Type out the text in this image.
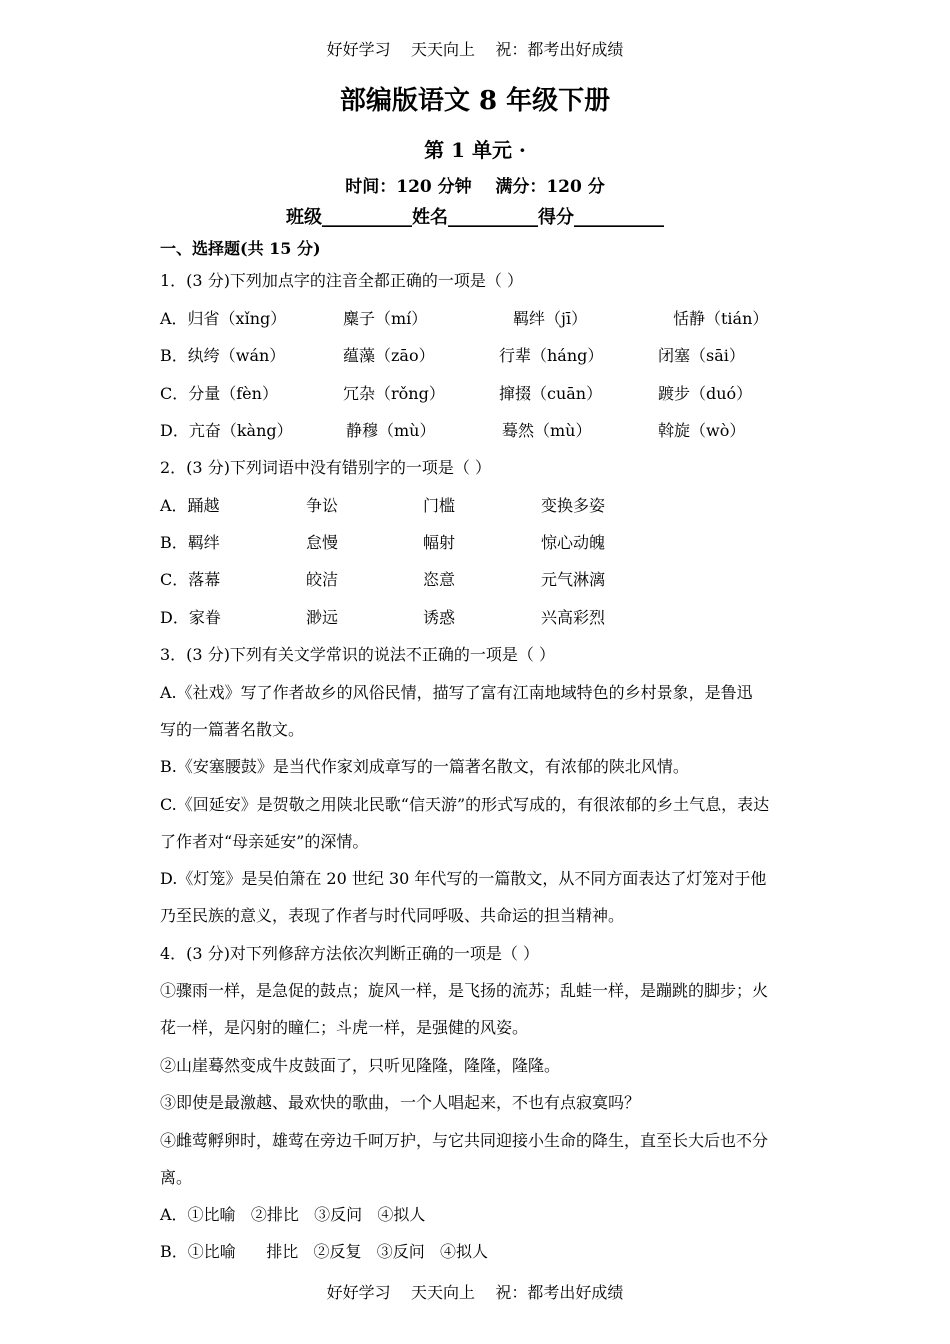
好好学习    天天向上    祝：都考出好成绩
部编版语文 8 年级下册
第 1 单元 ·
时间：120 分钟    满分：120 分
班级__________姓名__________得分__________
一、选择题(共 15 分)
1．(3 分)下列加点字的注音全都正确的一项是（ ）
A．归省（xǐng）	麋子（mí）	羁绊（jī）	恬静（tián）
B．纨绔（wán）	蕴藻（zāo）	行辈（háng）	闭塞（sāi）
C．分量（fèn）	冗杂（rǒng）	撺掇（cuān）	踱步（duó）
D．亢奋（kàng）	静穆（mù）	蓦然（mù）	斡旋（wò）
2．(3 分)下列词语中没有错别字的一项是（ ）
A．踊越	争讼	门槛	变换多姿
B．羁绊	怠慢	幅射	惊心动魄
C．落幕	皎洁	恣意	元气淋漓
D．家眷	渺远	诱惑	兴高彩烈
3．(3 分)下列有关文学常识的说法不正确的一项是（ ）
A.《社戏》写了作者故乡的风俗民情，描写了富有江南地域特色的乡村景象，是鲁迅
写的一篇著名散文。
B.《安塞腰鼓》是当代作家刘成章写的一篇著名散文，有浓郁的陕北风情。
C.《回延安》是贺敬之用陕北民歌“信天游”的形式写成的，有很浓郁的乡土气息，表达
了作者对“母亲延安”的深情。
D.《灯笼》是吴伯箫在 20 世纪 30 年代写的一篇散文，从不同方面表达了灯笼对于他
乃至民族的意义，表现了作者与时代同呼吸、共命运的担当精神。
4．(3 分)对下列修辞方法依次判断正确的一项是（ ）
①骤雨一样，是急促的鼓点；旋风一样，是飞扬的流苏；乱蛙一样，是蹦跳的脚步；火
花一样，是闪射的瞳仁；斗虎一样，是强健的风姿。
②山崖蓦然变成牛皮鼓面了，只听见隆隆，隆隆，隆隆。
③即使是最激越、最欢快的歌曲，一个人唱起来，不也有点寂寞吗？
④雌莺孵卵时，雄莺在旁边千呵万护，与它共同迎接小生命的降生，直至长大后也不分
离。
A．①比喻   ②排比   ③反问   ④拟人
B．①比喻      排比   ②反复   ③反问   ④拟人
好好学习    天天向上    祝：都考出好成绩
